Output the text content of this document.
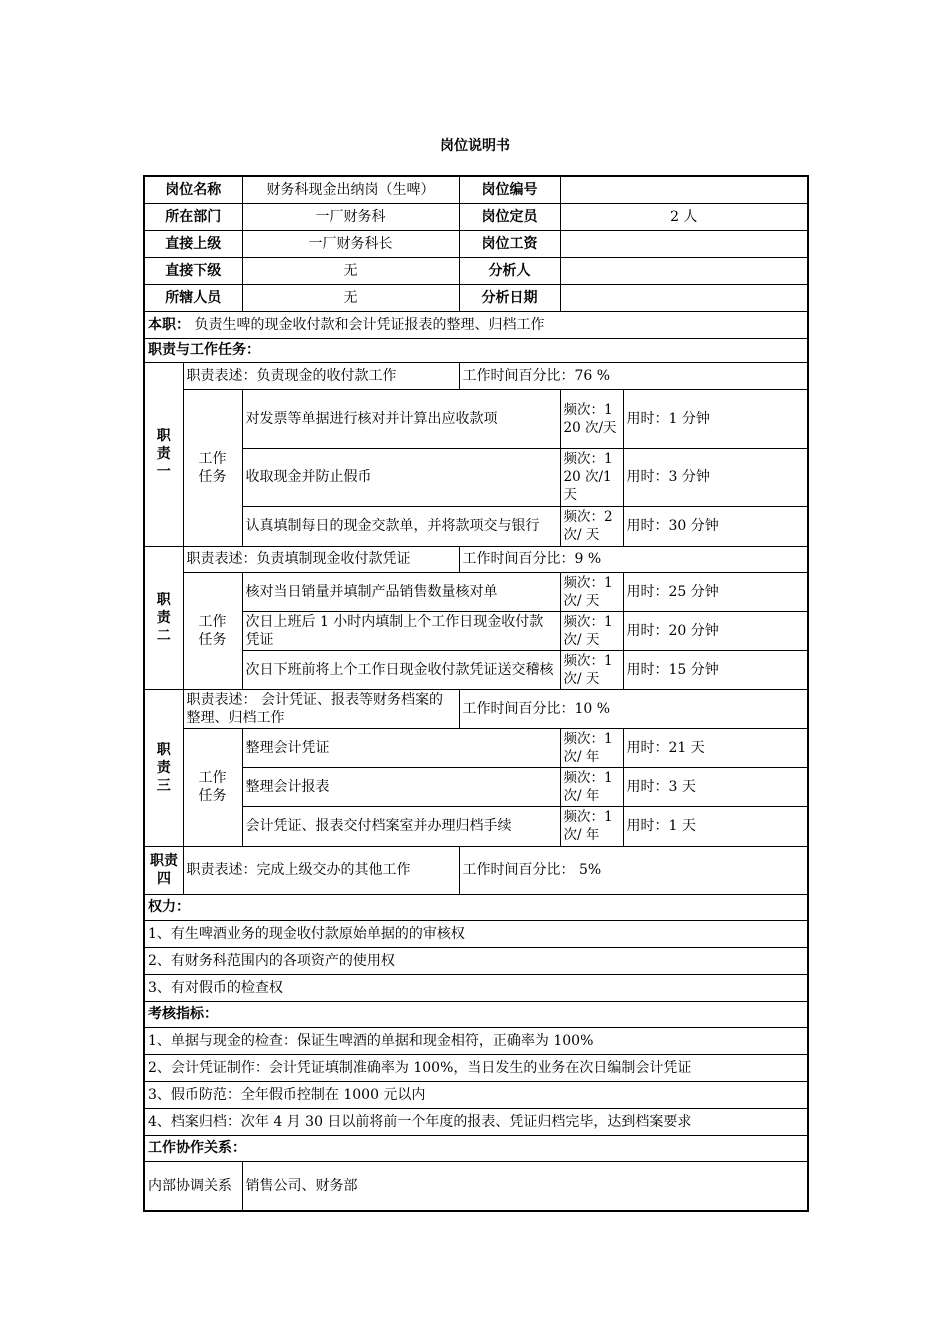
岗位说明书
岗位名称		财务科现金出纳岗（生啤）	岗位编号		
所在部门		一厂财务科	岗位定员	2 人	
直接上级		一厂财务科长	岗位工资		
直接下级		无	分析人		
所辖人员		无	分析日期		
本职： 负责生啤的现金收付款和会计凭证报表的整理、归档工作					
职责与工作任务：					
职责一	职责表述：负责现金的收付款工作		工作时间百分比：76 %		
	工作任务	对发票等单据进行核对并计算出应收款项		频次：120 次/天	用时：1 分钟
		收取现金并防止假币		频次：120 次/1 天	用时：3 分钟
		认真填制每日的现金交款单，并将款项交与银行		频次：2 次/ 天	用时：30 分钟
职责二	职责表述：负责填制现金收付款凭证		工作时间百分比：9 %		
	工作任务	核对当日销量并填制产品销售数量核对单		频次：1 次/ 天	用时：25 分钟
		次日上班后 1 小时内填制上个工作日现金收付款凭证		频次：1 次/ 天	用时：20 分钟
		次日下班前将上个工作日现金收付款凭证送交稽核		频次：1 次/ 天	用时：15 分钟
职责三	职责表述： 会计凭证、报表等财务档案的整理、归档工作		工作时间百分比：10 %		
	工作任务	整理会计凭证		频次：1 次/ 年	用时：21 天
		整理会计报表		频次：1 次/ 年	用时：3 天
		会计凭证、报表交付档案室并办理归档手续		频次：1 次/ 年	用时：1 天
职责四	职责表述：完成上级交办的其他工作		工作时间百分比： 5%		
权力：					
1、有生啤酒业务的现金收付款原始单据的的审核权					
2、有财务科范围内的各项资产的使用权					
3、有对假币的检查权					
考核指标：					
1、单据与现金的检查：保证生啤酒的单据和现金相符，正确率为 100%					
2、会计凭证制作：会计凭证填制准确率为 100%，当日发生的业务在次日编制会计凭证					
3、假币防范：全年假币控制在 1000 元以内					
4、档案归档：次年 4 月 30 日以前将前一个年度的报表、凭证归档完毕，达到档案要求					
工作协作关系：					
内部协调关系		销售公司、财务部			
